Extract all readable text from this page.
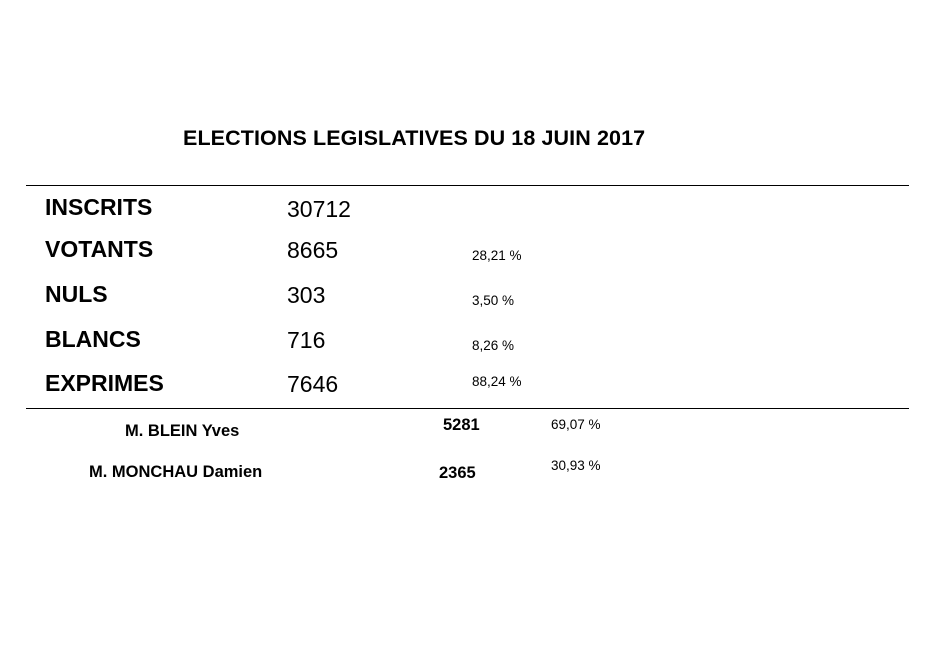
ELECTIONS LEGISLATIVES DU 18 JUIN 2017
INSCRITS	30712
VOTANTS	8665	28,21 %
NULS	303	3,50 %
BLANCS	716	8,26 %
EXPRIMES	7646	88,24 %
M. BLEIN Yves	5281	69,07 %
M. MONCHAU Damien	2365	30,93 %
